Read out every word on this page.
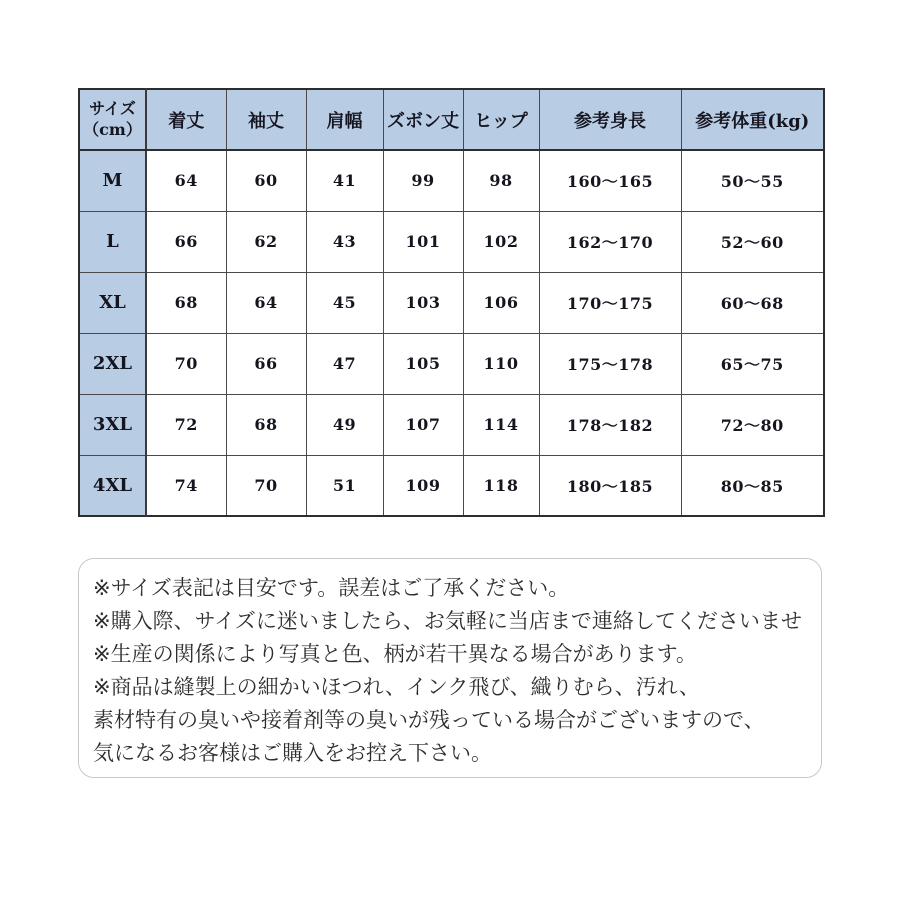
サイズ
（cm）	着丈	袖丈	肩幅	ズボン丈	ヒップ	参考身長	参考体重(kg)
M	64	60	41	99	98	160〜165	50〜55
L	66	62	43	101	102	162〜170	52〜60
XL	68	64	45	103	106	170〜175	60〜68
2XL	70	66	47	105	110	175〜178	65〜75
3XL	72	68	49	107	114	178〜182	72〜80
4XL	74	70	51	109	118	180〜185	80〜85

※サイズ表記は目安です。誤差はご了承ください。

※購入際、サイズに迷いましたら、お気軽に当店まで連絡してくださいませ

※生産の関係により写真と色、柄が若干異なる場合があります。

※商品は縫製上の細かいほつれ、インク飛び、織りむら、汚れ、

素材特有の臭いや接着剤等の臭いが残っている場合がございますので、

気になるお客様はご購入をお控え下さい。
